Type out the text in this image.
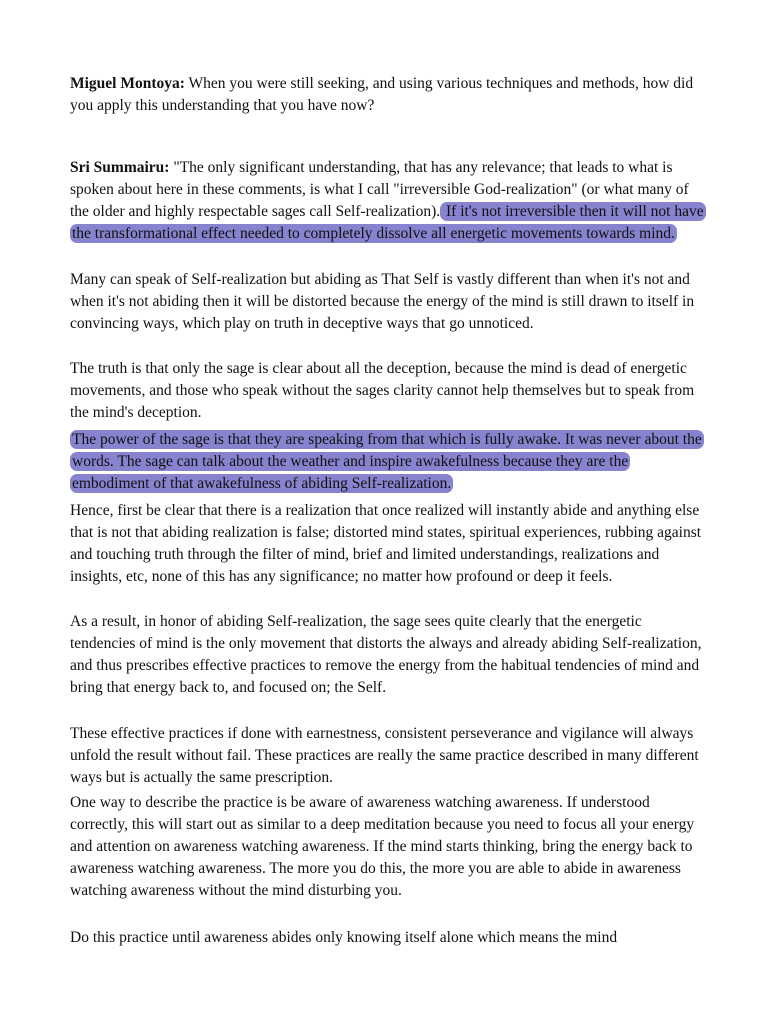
Miguel Montoya: When you were still seeking, and using various techniques and methods, how did you apply this understanding that you have now?

Sri Summairu: "The only significant understanding, that has any relevance; that leads to what is spoken about here in these comments, is what I call "irreversible God-realization" (or what many of the older and highly respectable sages call Self-realization). If it's not irreversible then it will not have the transformational effect needed to completely dissolve all energetic movements towards mind.

Many can speak of Self-realization but abiding as That Self is vastly different than when it's not and when it's not abiding then it will be distorted because the energy of the mind is still drawn to itself in convincing ways, which play on truth in deceptive ways that go unnoticed.

The truth is that only the sage is clear about all the deception, because the mind is dead of energetic movements, and those who speak without the sages clarity cannot help themselves but to speak from the mind's deception.

The power of the sage is that they are speaking from that which is fully awake. It was never about the words. The sage can talk about the weather and inspire awakefulness because they are the embodiment of that awakefulness of abiding Self-realization.

Hence, first be clear that there is a realization that once realized will instantly abide and anything else that is not that abiding realization is false; distorted mind states, spiritual experiences, rubbing against and touching truth through the filter of mind, brief and limited understandings, realizations and insights, etc, none of this has any significance; no matter how profound or deep it feels.

As a result, in honor of abiding Self-realization, the sage sees quite clearly that the energetic tendencies of mind is the only movement that distorts the always and already abiding Self-realization, and thus prescribes effective practices to remove the energy from the habitual tendencies of mind and bring that energy back to, and focused on; the Self.

These effective practices if done with earnestness, consistent perseverance and vigilance will always unfold the result without fail. These practices are really the same practice described in many different ways but is actually the same prescription.

One way to describe the practice is be aware of awareness watching awareness. If understood correctly, this will start out as similar to a deep meditation because you need to focus all your energy and attention on awareness watching awareness. If the mind starts thinking, bring the energy back to awareness watching awareness. The more you do this, the more you are able to abide in awareness watching awareness without the mind disturbing you.

Do this practice until awareness abides only knowing itself alone which means the mind
